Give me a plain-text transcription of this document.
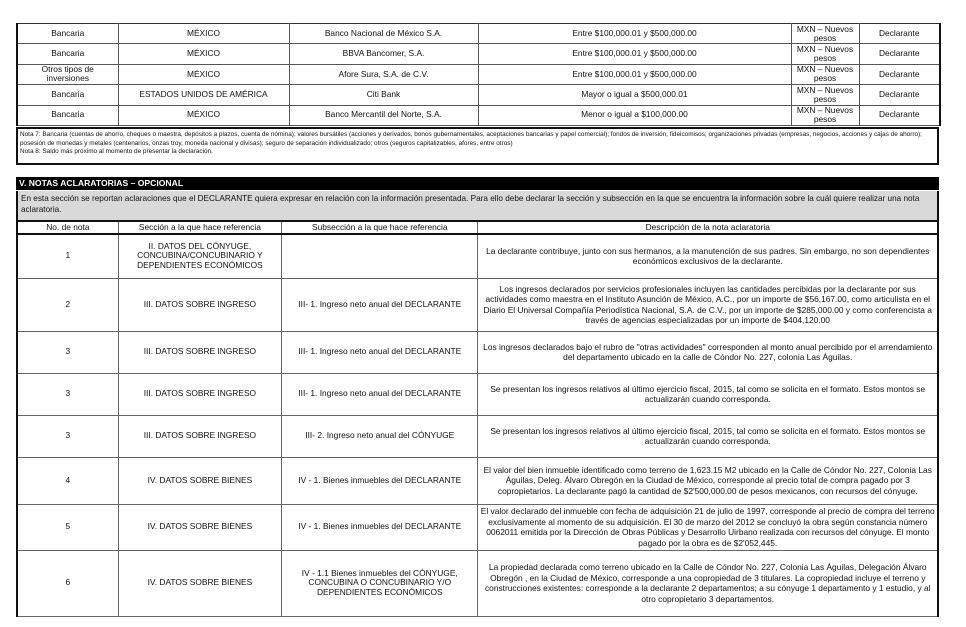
Bancaria	MÉXICO	Banco Nacional de México S.A.	Entre $100,000.01 y $500,000.00	MXN – Nuevos pesos	Declarante
Bancaria	MÉXICO	BBVA Bancomer, S.A.	Entre $100,000.01 y $500,000.00	MXN – Nuevos pesos	Declarante
Otros tipos de inversiones	MÉXICO	Afore Sura, S.A. de C.V.	Entre $100,000.01 y $500,000.00	MXN – Nuevos pesos	Declarante
Bancaria	ESTADOS UNIDOS DE AMÉRICA	Citi Bank	Mayor o igual a $500,000.01	MXN – Nuevos pesos	Declarante
Bancaria	MÉXICO	Banco Mercantil del Norte, S.A.	Menor o igual a $100,000.00	MXN – Nuevos pesos	Declarante
Nota 7: Bancaria (cuentas de ahorro, cheques o maestra, depósitos a plazos, cuenta de nómina); valores bursátiles (acciones y derivados, bonos gubernamentales, aceptaciones bancarias y papel comercial); fondos de inversión; fideicomisos; organizaciones privadas (empresas, negocios, acciones y cajas de ahorro); posesión de monedas y metales (centenarios, onzas troy, moneda nacional y divisas); seguro de separación individualizado; otros (seguros capitalizables, afores, entre otros)
Nota 8: Saldo más próximo al momento de presentar la declaración.
V. NOTAS ACLARATORIAS – OPCIONAL
En esta sección se reportan aclaraciones que el DECLARANTE quiera expresar en relación con la información presentada. Para ello debe declarar la sección y subsección en la que se encuentra la información sobre la cuál quiere realizar una nota aclaratoria.
No. de nota	Sección a la que hace referencia	Subsección a la que hace referencia	Descripción de la nota aclaratoria
1	II. DATOS DEL CÓNYUGE, CONCUBINA/CONCUBINARIO Y DEPENDIENTES ECONÓMICOS		La declarante contribuye, junto con sus hermanos, a la manutención de sus padres. Sin embargo, no son dependientes económicos exclusivos de la declarante.
2	III. DATOS SOBRE INGRESO	III- 1. Ingreso neto anual del DECLARANTE	Los ingresos declarados por servicios profesionales incluyen las cantidades percibidas por la declarante por sus actividades como maestra en el Instituto Asunción de México, A.C., por un importe de $56,167.00, como articulista en el Diario El Universal Compañía Periodística Nacional, S.A. de C.V., por un importe de $285,000.00 y como conferencista a través de agencias especializadas por un importe de $404,120.00
3	III. DATOS SOBRE INGRESO	III- 1. Ingreso neto anual del DECLARANTE	Los ingresos declarados bajo el rubro de "otras actividades" corresponden al monto anual percibido por el arrendamiento del departamento ubicado en la calle de Cóndor No. 227, colonia Las Águilas.
3	III. DATOS SOBRE INGRESO	III- 1. Ingreso neto anual del DECLARANTE	Se presentan los ingresos relativos al último ejercicio fiscal, 2015, tal como se solicita en el formato. Estos montos se actualizarán cuando corresponda.
3	III. DATOS SOBRE INGRESO	III- 2. Ingreso neto anual del CÓNYUGE	Se presentan los ingresos relativos al último ejercicio fiscal, 2015, tal como se solicita en el formato. Estos montos se actualizarán cuando corresponda.
4	IV. DATOS SOBRE BIENES	IV - 1. Bienes inmuebles del DECLARANTE	El valor del bien inmueble identificado como terreno de 1,623.15 M2 ubicado en la Calle de Cóndor No. 227, Colonia Las Águilas, Deleg. Álvaro Obregón en la Ciudad de México, corresponde al precio total de compra pagado por 3 copropietarios. La declarante pagó la cantidad de $2'500,000.00 de pesos mexicanos, con recursos del cónyuge.
5	IV. DATOS SOBRE BIENES	IV - 1. Bienes inmuebles del DECLARANTE	El valor declarado del inmueble con fecha de adquisición 21 de julio de 1997, corresponde al precio de compra del terreno exclusivamente al momento de su adquisición. El 30 de marzo del 2012 se concluyó la obra según constancia número 0062011 emitida por la Dirección de Obras Públicas y Desarrollo Uirbano realizada con recursos del cónyuge. El monto pagado por la obra es de $2'052,445.
6	IV. DATOS SOBRE BIENES	IV - 1.1 Bienes inmuebles del CÓNYUGE, CONCUBINA O CONCUBINARIO Y/O DEPENDIENTES ECONÓMICOS	La propiedad declarada como terreno ubicado en la Calle de Cóndor No. 227, Colonia Las Águilas, Delegación Álvaro Obregón , en la Ciudad de México, corresponde a una copropiedad de 3 titulares. La copropiedad incluye el terreno y construcciones existentes: corresponde a la declarante 2 departamentos; a su cónyuge 1 departamento y 1 estudio, y al otro copropietario 3 departamentos.
